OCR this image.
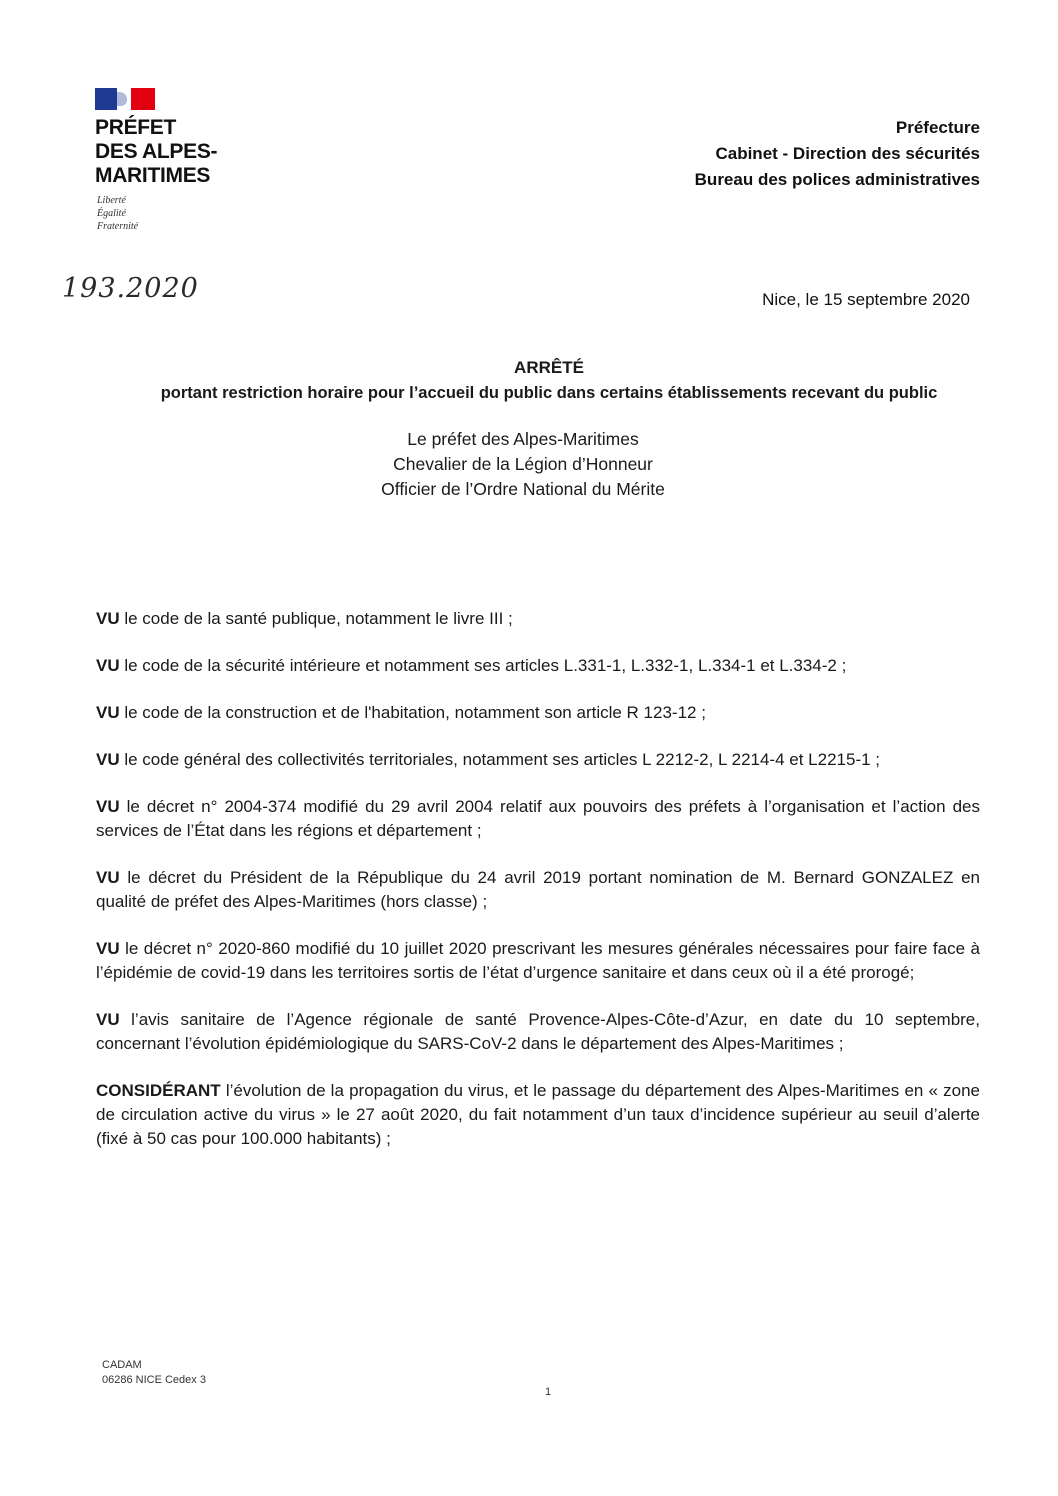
PRÉFET
DES ALPES-
MARITIMES
Liberté
Égalité
Fraternité
Préfecture
Cabinet - Direction des sécurités
Bureau des polices administratives
193.2020	Nice, le 15 septembre 2020
ARRÊTÉ
portant restriction horaire pour l’accueil du public dans certains établissements recevant du public
Le préfet des Alpes-Maritimes
Chevalier de la Légion d’Honneur
Officier de l’Ordre National du Mérite

VU le code de la santé publique, notamment le livre III ;

VU le code de la sécurité intérieure et notamment ses articles L.331-1, L.332-1, L.334-1 et L.334-2 ;

VU le code de la construction et de l'habitation, notamment son article R 123-12 ;

VU le code général des collectivités territoriales, notamment ses articles L 2212-2, L 2214-4 et L2215-1 ;

VU le décret n° 2004-374 modifié du 29 avril 2004 relatif aux pouvoirs des préfets à l’organisation et l’action des services de l’État dans les régions et département ;

VU le décret du Président de la République du 24 avril 2019 portant nomination de M. Bernard GONZALEZ en qualité de préfet des Alpes-Maritimes (hors classe) ;

VU le décret n° 2020-860 modifié du 10 juillet 2020 prescrivant les mesures générales nécessaires pour faire face à l’épidémie de covid-19 dans les territoires sortis de l’état d’urgence sanitaire et dans ceux où il a été prorogé;

VU l’avis sanitaire de l’Agence régionale de santé Provence-Alpes-Côte-d’Azur, en date du 10 septembre, concernant l’évolution épidémiologique du SARS-CoV-2 dans le département des Alpes-Maritimes ;

CONSIDÉRANT l’évolution de la propagation du virus, et le passage du département des Alpes-Maritimes en « zone de circulation active du virus » le 27 août 2020, du fait notamment d’un taux d’incidence supérieur au seuil d’alerte (fixé à 50 cas pour 100.000 habitants) ;

CADAM
06286 NICE Cedex 3
1
